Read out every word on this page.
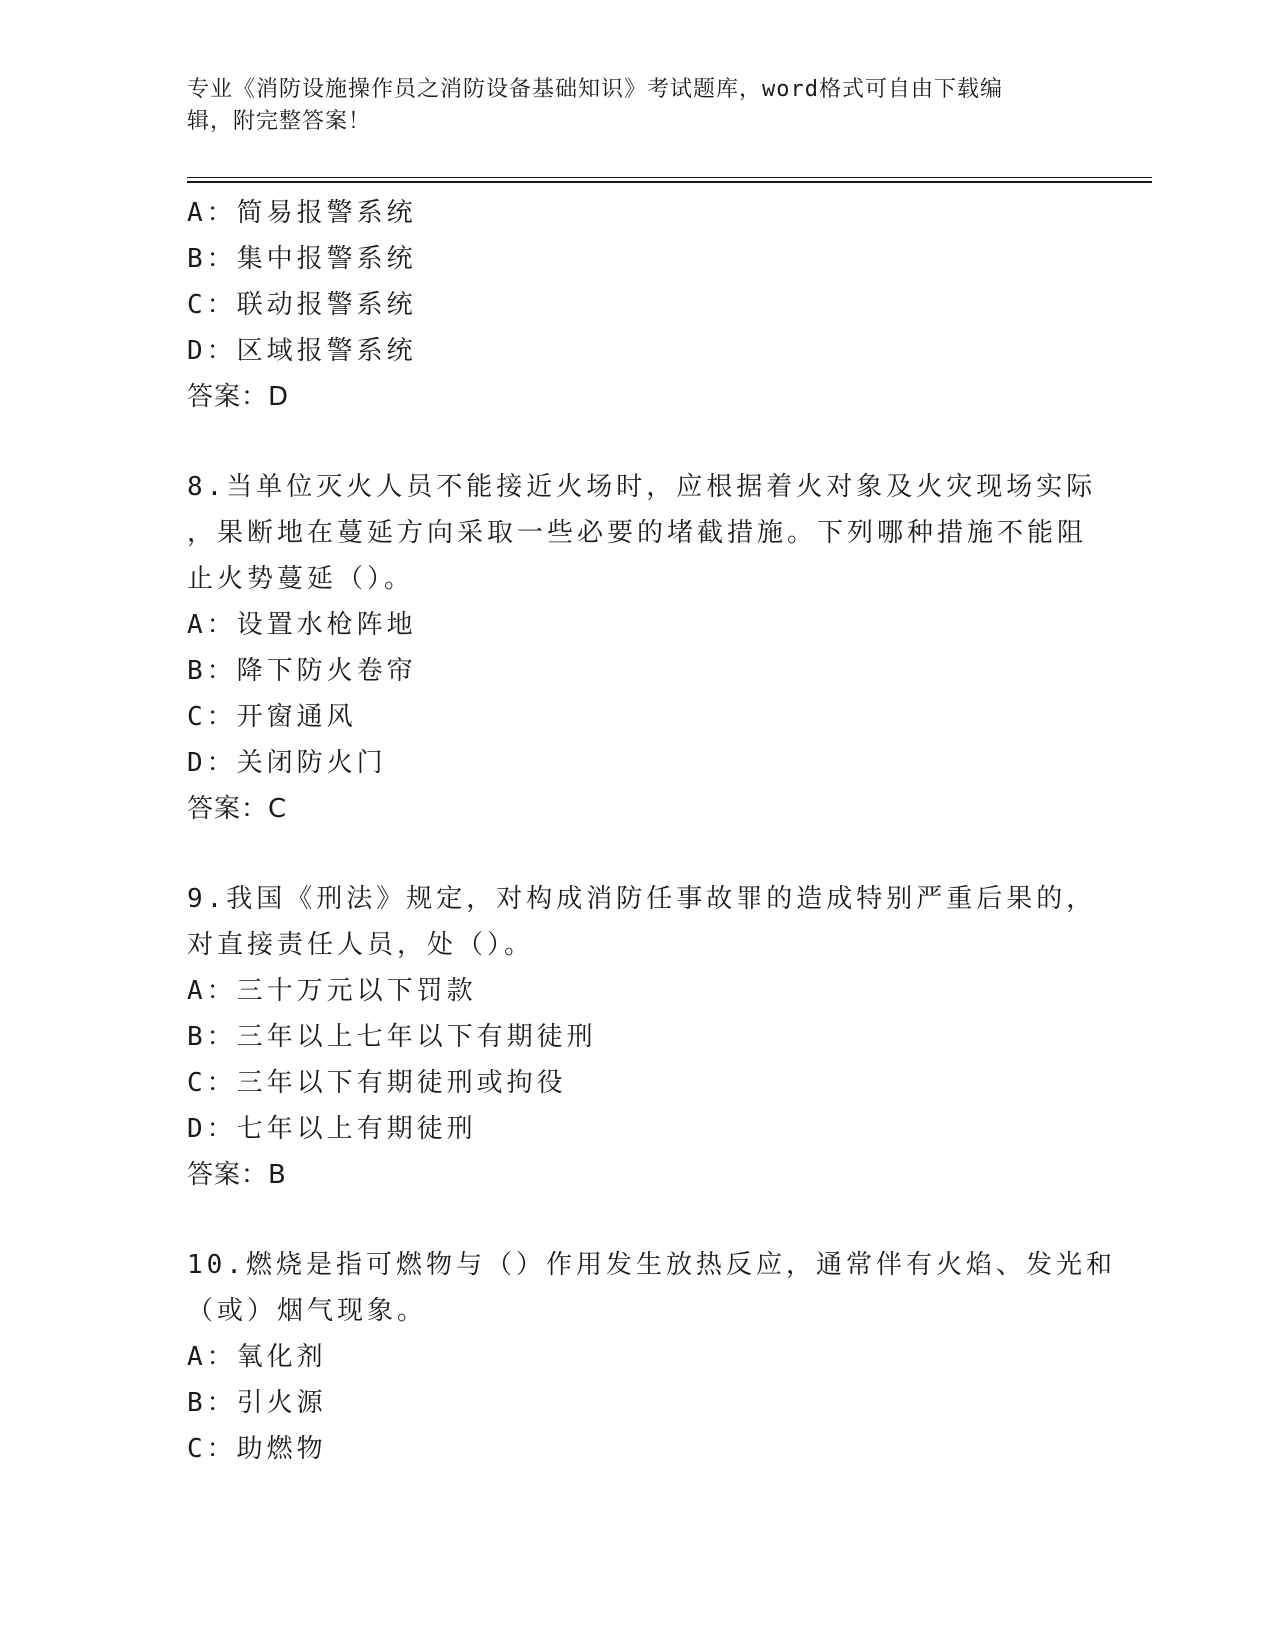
专业《消防设施操作员之消防设备基础知识》考试题库，word格式可自由下载编
辑，附完整答案！
A：简易报警系统
B：集中报警系统
C：联动报警系统
D：区域报警系统
答案：D
8.当单位灭火人员不能接近火场时，应根据着火对象及火灾现场实际
，果断地在蔓延方向采取一些必要的堵截措施。下列哪种措施不能阻
止火势蔓延（）。
A：设置水枪阵地
B：降下防火卷帘
C：开窗通风
D：关闭防火门
答案：C
9.我国《刑法》规定，对构成消防任事故罪的造成特别严重后果的，
对直接责任人员，处（）。
A：三十万元以下罚款
B：三年以上七年以下有期徒刑
C：三年以下有期徒刑或拘役
D：七年以上有期徒刑
答案：B
10.燃烧是指可燃物与（）作用发生放热反应，通常伴有火焰、发光和
（或）烟气现象。
A：氧化剂
B：引火源
C：助燃物
